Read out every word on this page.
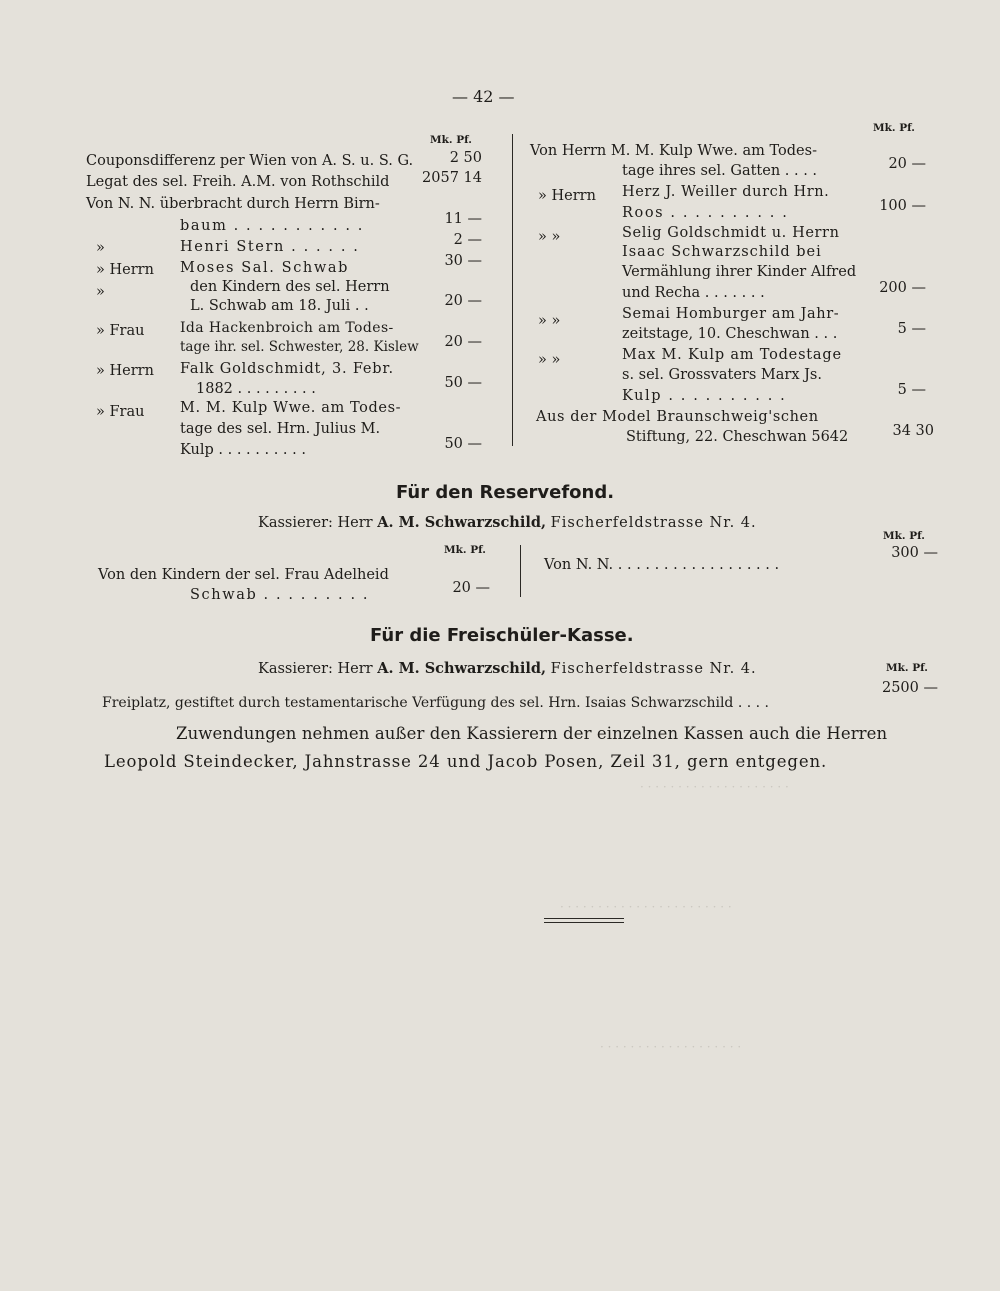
· · · · · · · · · · · · · · · · · · · ·
· · · · · · · · · · · · · · · · · · · · · · ·
· · · · · · · · · · · · · · · · · · ·
— 42 —
Mk. Pf.
Mk. Pf.
Couponsdifferenz per Wien von A. S. u. S. G.	2 50
Legat des sel. Freih. A.M. von Rothschild 2057 14
Von N. N. überbracht durch Herrn Birn-
baum . . . . . . . . . . .	11 —
»	Henri Stern . . . . . .	2 —
» Herrn Moses Sal. Schwab	30 —
»	den Kindern des sel. Herrn
L. Schwab am 18. Juli . .	20 —
» Frau	Ida Hackenbroich am Todes-
tage ihr. sel. Schwester, 28. Kislew	20 —
» Herrn Falk Goldschmidt, 3. Febr.
1882 . . . . . . . . .	50 —
» Frau M. M. Kulp Wwe. am Todes-
tage des sel. Hrn. Julius M.
Kulp . . . . . . . . . .	50 —
Von Herrn M. M. Kulp Wwe. am Todes-
tage ihres sel. Gatten . . . .	20 —
» Herrn Herz J. Weiller durch Hrn.
Roos . . . . . . . . . .	100 —
» »	Selig Goldschmidt u. Herrn
Isaac Schwarzschild bei
Vermählung ihrer Kinder Alfred
und Recha . . . . . . .	200 —
» »	Semai Homburger am Jahr-
zeitstage, 10. Cheschwan . . .	5 —
» »	Max M. Kulp am Todestage
s. sel. Grossvaters Marx Js.
Kulp . . . . . . . . . .	5 —
Aus der Model Braunschweig'schen
Stiftung, 22. Cheschwan 5642	34 30
Für den Reservefond.
Kassierer: Herr A. M. Schwarzschild, Fischerfeldstrasse Nr. 4.
Mk. Pf.
Mk. Pf.
Von den Kindern der sel. Frau Adelheid
Schwab . . . . . . . . .	20 —
Von N. N. . . . . . . . . . . . . . . . . . .
300 —
Für die Freischüler-Kasse.
Kassierer: Herr A. M. Schwarzschild, Fischerfeldstrasse Nr. 4.	Mk. Pf.
Freiplatz, gestiftet durch testamentarische Verfügung des sel. Hrn. Isaias Schwarzschild . . . .
2500 —
Zuwendungen nehmen außer den Kassierern der einzelnen Kassen auch die Herren
Leopold Steindecker, Jahnstrasse 24 und Jacob Posen, Zeil 31, gern entgegen.
